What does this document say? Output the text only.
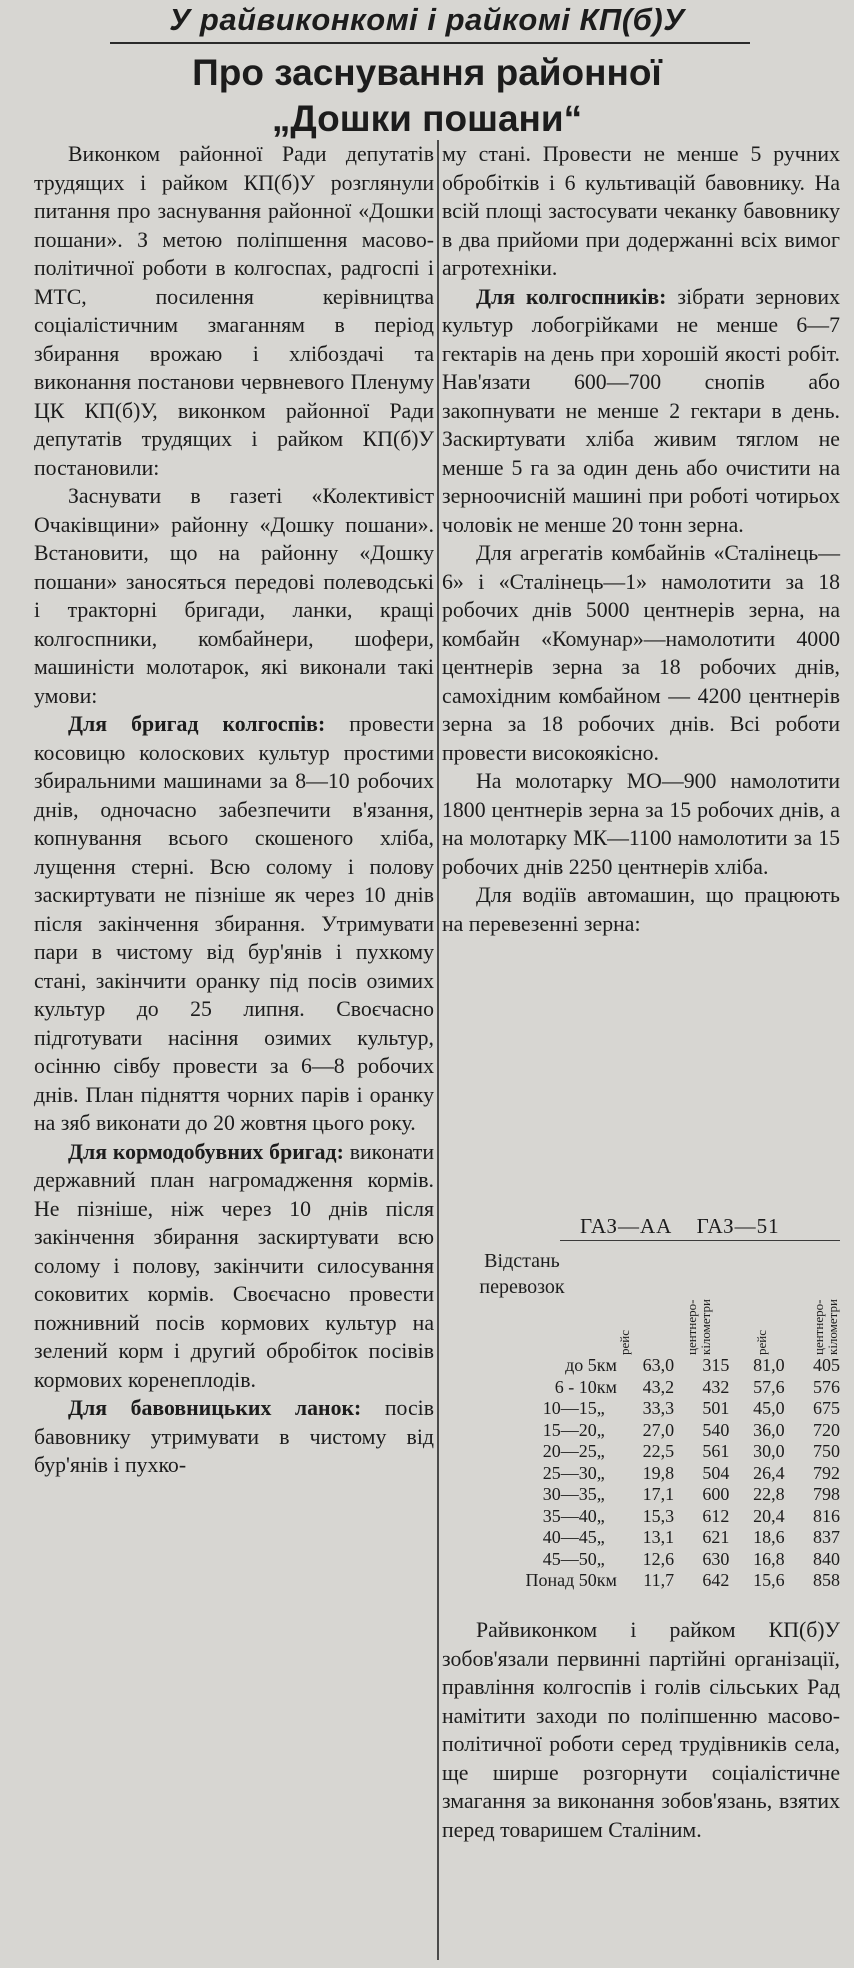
У райвиконкомі і райкомі КП(б)У
Про заснування районної
„Дошки пошани“

Виконком районної Ради депутатів трудящих і райком КП(б)У розглянули питання про заснування районної «Дошки пошани». З метою поліпшення масово-політичної роботи в колгоспах, радгоспі і МТС, посилення керівництва соціалістичним змаганням в період збирання врожаю і хлібоздачі та виконання постанови червневого Пленуму ЦК КП(б)У, виконком районної Ради депутатів трудящих і райком КП(б)У постановили:

Заснувати в газеті «Колективіст Очаківщини» районну «Дошку пошани». Встановити, що на районну «Дошку пошани» заносяться передові полеводські і тракторні бригади, ланки, кращі колгоспники, комбайнери, шофери, машиністи молотарок, які виконали такі умови:

Для бригад колгоспів: провести косовицю колоскових культур простими збиральними машинами за 8—10 робочих днів, одночасно забезпечити в'язання, копнування всього скошеного хліба, лущення стерні. Всю солому і полову заскиртувати не пізніше як через 10 днів після закінчення збирання. Утримувати пари в чистому від бур'янів і пухкому стані, закінчити оранку під посів озимих культур до 25 липня. Своєчасно підготувати насіння озимих культур, осінню сівбу провести за 6—8 робочих днів. План підняття чорних парів і оранку на зяб виконати до 20 жовтня цього року.

Для кормодобувних бригад: виконати державний план нагромадження кормів. Не пізніше, ніж через 10 днів після закінчення збирання заскиртувати всю солому і полову, закінчити силосування соковитих кормів. Своєчасно провести пожнивний посів кормових культур на зелений корм і другий обробіток посівів кормових коренеплодів.

Для бавовницьких ланок: посів бавовнику утримувати в чистому від бур'янів і пухко-

му стані. Провести не менше 5 ручних обробітків і 6 культивацій бавовнику. На всій площі застосувати чеканку бавовнику в два прийоми при додержанні всіх вимог агротехніки.

Для колгоспників: зібрати зернових культур лобогрійками не менше 6—7 гектарів на день при хорошій якості робіт. Нав'язати 600—700 снопів або закопнувати не менше 2 гектари в день. Заскиртувати хліба живим тяглом не менше 5 га за один день або очистити на зерноочисній машині при роботі чотирьох чоловік не менше 20 тонн зерна.

Для агрегатів комбайнів «Сталінець—6» і «Сталінець—1» намолотити за 18 робочих днів 5000 центнерів зерна, на комбайн «Комунар»—намолотити 4000 центнерів зерна за 18 робочих днів, самохідним комбайном — 4200 центнерів зерна за 18 робочих днів. Всі роботи провести високоякісно.

На молотарку МО—900 намолотити 1800 центнерів зерна за 15 робочих днів, а на молотарку МК—1100 намолотити за 15 робочих днів 2250 центнерів хліба.

Для водіїв автомашин, що працюють на перевезенні зерна:

ГАЗ—АА ГАЗ—51
Відстань перевозок
рейс	центнеро-кілометри	рейс	центнеро-кілометри
до 5	км	63,0	315	81,0	405
6 - 10	км	43,2	432	57,6	576
10—15	„	33,3	501	45,0	675
15—20	„	27,0	540	36,0	720
20—25	„	22,5	561	30,0	750
25—30	„	19,8	504	26,4	792
30—35	„	17,1	600	22,8	798
35—40	„	15,3	612	20,4	816
40—45	„	13,1	621	18,6	837
45—50	„	12,6	630	16,8	840
Понад 50	км	11,7	642	15,6	858

Райвиконком і райком КП(б)У зобов'язали первинні партійні організації, правління колгоспів і голів сільських Рад намітити заходи по поліпшенню масово-політичної роботи серед трудівників села, ще ширше розгорнути соціалістичне змагання за виконання зобов'язань, взятих перед товаришем Сталіним.
